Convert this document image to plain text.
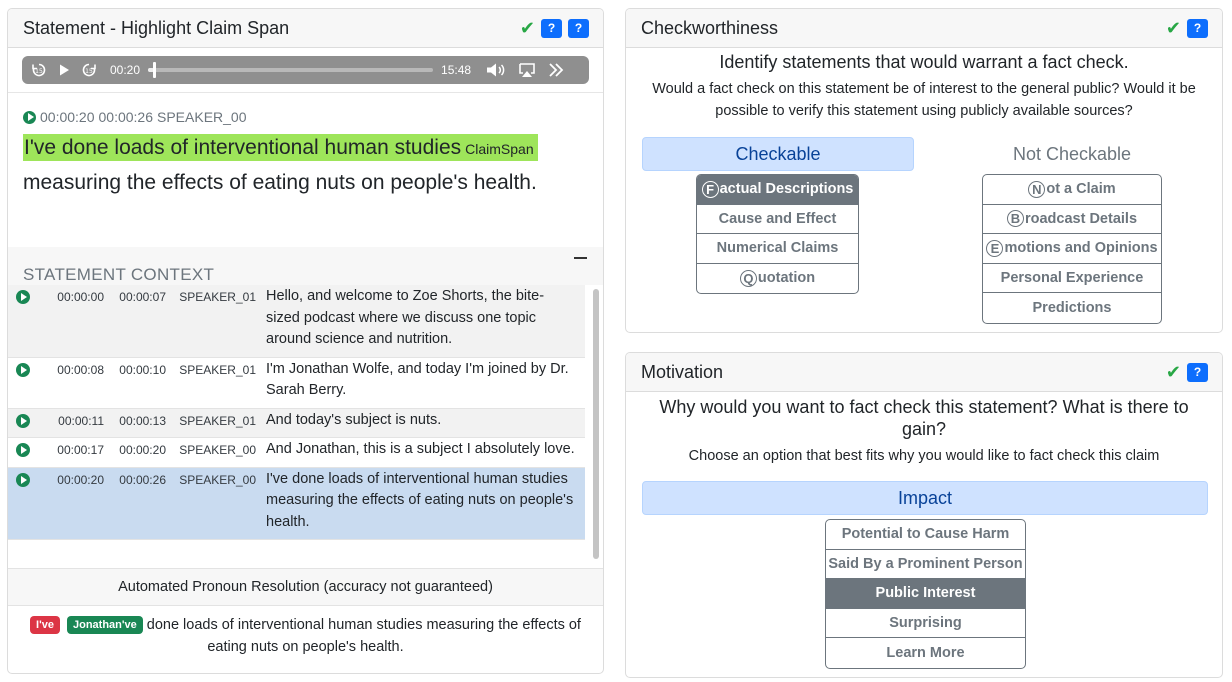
Statement - Highlight Claim Span	✔	?	?
15	15 00:20	15:48
00:00:20 00:00:26 SPEAKER_00
I've done loads of interventional human studies ClaimSpan measuring the effects of eating nuts on people's health.
STATEMENT CONTEXT
00:00:00	00:00:07	SPEAKER_01 Hello, and welcome to Zoe Shorts, the bite-sized podcast where we discuss one topic around science and nutrition.
00:00:08	00:00:10	SPEAKER_01 I'm Jonathan Wolfe, and today I'm joined by Dr. Sarah Berry.
00:00:11	00:00:13	SPEAKER_01 And today's subject is nuts.
00:00:17	00:00:20	SPEAKER_00 And Jonathan, this is a subject I absolutely love.
00:00:20	00:00:26	SPEAKER_00 I've done loads of interventional human studies measuring the effects of eating nuts on people's health.
Automated Pronoun Resolution (accuracy not guaranteed)
I've Jonathan've done loads of interventional human studies measuring the effects of eating nuts on people's health.
Checkworthiness	✔	?
Identify statements that would warrant a fact check.
Would a fact check on this statement be of interest to the general public? Would it be possible to verify this statement using publicly available sources?
Checkable	Not Checkable
F actual Descriptions
Cause and Effect
Numerical Claims
Q uotation
N ot a Claim
B roadcast Details
E motions and Opinions
Personal Experience
Predictions
Motivation	✔	?
Why would you want to fact check this statement? What is there to gain?
Choose an option that best fits why you would like to fact check this claim
Impact
Potential to Cause Harm
Said By a Prominent Person
Public Interest
Surprising
Learn More
